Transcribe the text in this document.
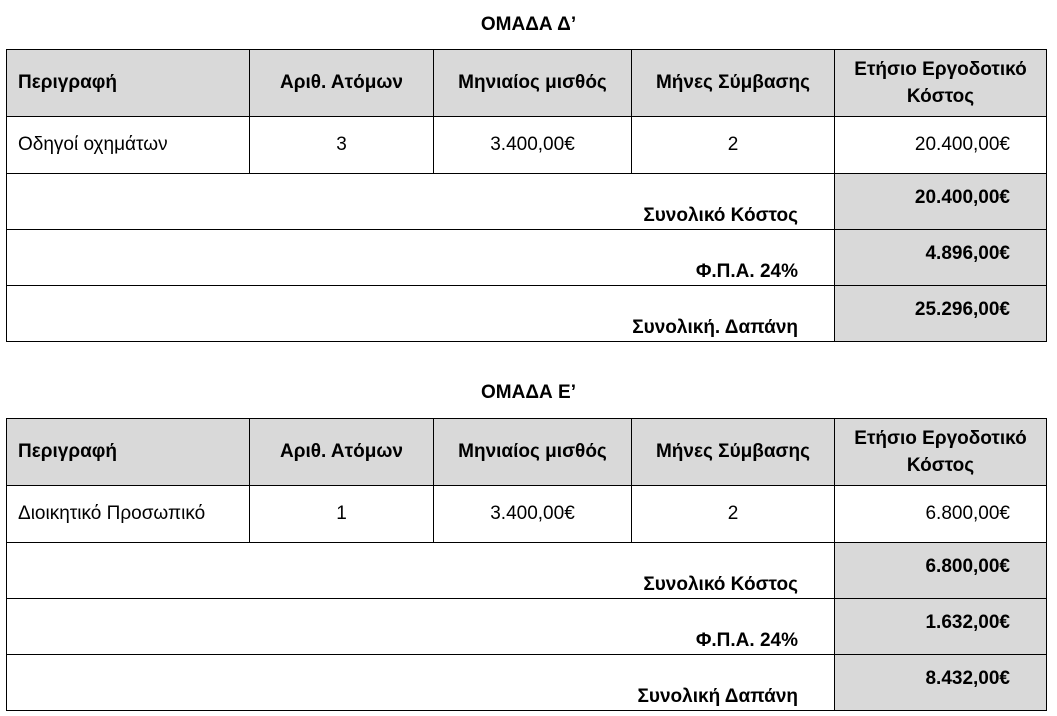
ΟΜΑΔΑ Δ’
Περιγραφή	Αριθ. Ατόμων	Μηνιαίος μισθός	Μήνες Σύμβασης	Ετήσιο Εργοδοτικό Κόστος
Οδηγοί οχημάτων	3	3.400,00€	2	20.400,00€
Συνολικό Κόστος				20.400,00€
Φ.Π.Α. 24%				4.896,00€
Συνολική. Δαπάνη				25.296,00€
ΟΜΑΔΑ Ε’
Περιγραφή	Αριθ. Ατόμων	Μηνιαίος μισθός	Μήνες Σύμβασης	Ετήσιο Εργοδοτικό Κόστος
Διοικητικό Προσωπικό	1	3.400,00€	2	6.800,00€
Συνολικό Κόστος				6.800,00€
Φ.Π.Α. 24%				1.632,00€
Συνολική Δαπάνη				8.432,00€
